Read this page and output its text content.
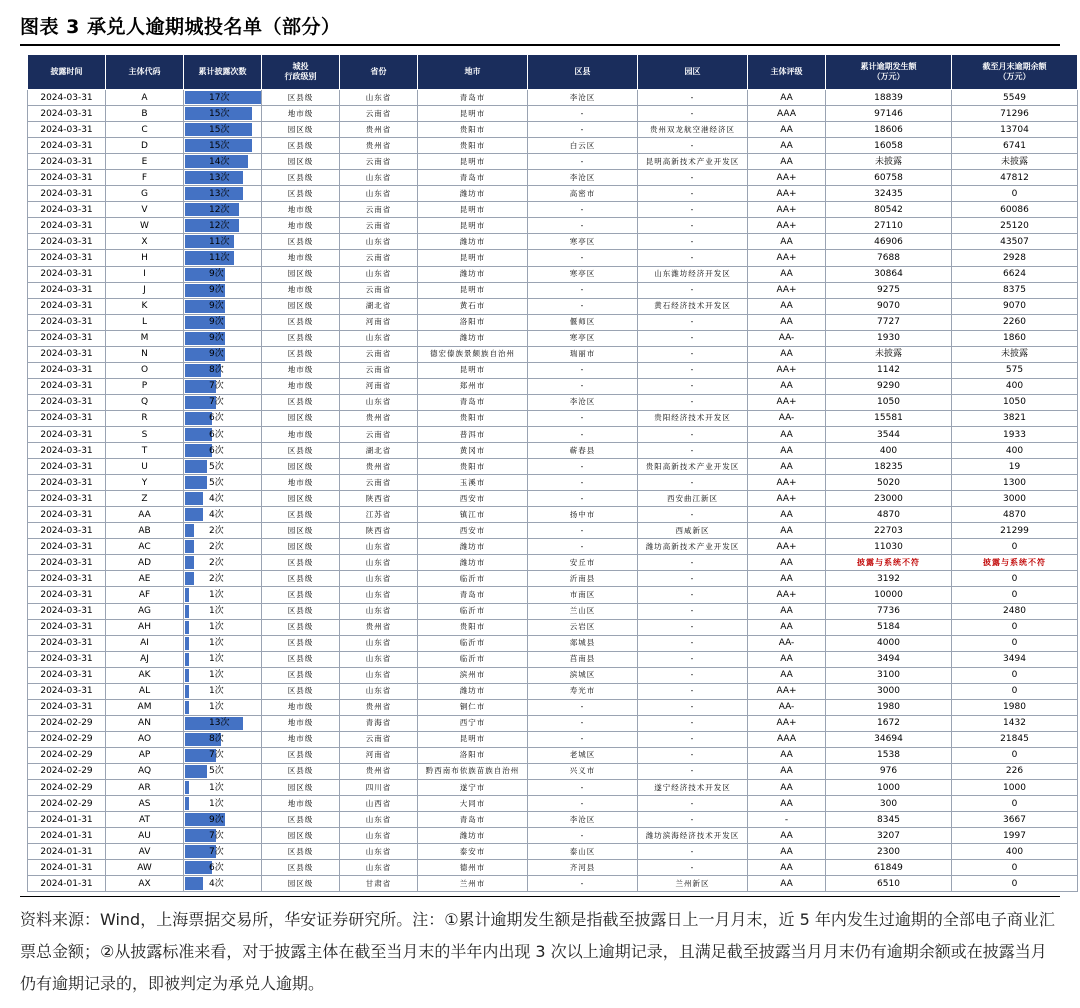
图表 3 承兑人逾期城投名单（部分）
披露时间	主体代码	累计披露次数	城投
行政级别	省份	地市	区县	园区	主体评级	累计逾期发生额
（万元）	截至月末逾期余额
（万元）
2024-03-31	A	17次	区县级	山东省	青岛市	李沧区	-	AA	18839	5549
2024-03-31	B	15次	地市级	云南省	昆明市	-	-	AAA	97146	71296
2024-03-31	C	15次	园区级	贵州省	贵阳市	-	贵州双龙航空港经济区	AA	18606	13704
2024-03-31	D	15次	区县级	贵州省	贵阳市	白云区	-	AA	16058	6741
2024-03-31	E	14次	园区级	云南省	昆明市	-	昆明高新技术产业开发区	AA	未披露	未披露
2024-03-31	F	13次	区县级	山东省	青岛市	李沧区	-	AA+	60758	47812
2024-03-31	G	13次	区县级	山东省	潍坊市	高密市	-	AA+	32435	0
2024-03-31	V	12次	地市级	云南省	昆明市	-	-	AA+	80542	60086
2024-03-31	W	12次	地市级	云南省	昆明市	-	-	AA+	27110	25120
2024-03-31	X	11次	区县级	山东省	潍坊市	寒亭区	-	AA	46906	43507
2024-03-31	H	11次	地市级	云南省	昆明市	-	-	AA+	7688	2928
2024-03-31	I	9次	园区级	山东省	潍坊市	寒亭区	山东潍坊经济开发区	AA	30864	6624
2024-03-31	J	9次	地市级	云南省	昆明市	-	-	AA+	9275	8375
2024-03-31	K	9次	园区级	湖北省	黄石市	-	黄石经济技术开发区	AA	9070	9070
2024-03-31	L	9次	区县级	河南省	洛阳市	偃师区	-	AA	7727	2260
2024-03-31	M	9次	区县级	山东省	潍坊市	寒亭区	-	AA-	1930	1860
2024-03-31	N	9次	区县级	云南省	德宏傣族景颇族自治州	瑞丽市	-	AA	未披露	未披露
2024-03-31	O	8次	地市级	云南省	昆明市	-	-	AA+	1142	575
2024-03-31	P	7次	地市级	河南省	郑州市	-	-	AA	9290	400
2024-03-31	Q	7次	区县级	山东省	青岛市	李沧区	-	AA+	1050	1050
2024-03-31	R	6次	园区级	贵州省	贵阳市	-	贵阳经济技术开发区	AA-	15581	3821
2024-03-31	S	6次	地市级	云南省	普洱市	-	-	AA	3544	1933
2024-03-31	T	6次	区县级	湖北省	黄冈市	蕲春县	-	AA	400	400
2024-03-31	U	5次	园区级	贵州省	贵阳市	-	贵阳高新技术产业开发区	AA	18235	19
2024-03-31	Y	5次	地市级	云南省	玉溪市	-	-	AA+	5020	1300
2024-03-31	Z	4次	园区级	陕西省	西安市	-	西安曲江新区	AA+	23000	3000
2024-03-31	AA	4次	区县级	江苏省	镇江市	扬中市	-	AA	4870	4870
2024-03-31	AB	2次	园区级	陕西省	西安市	-	西咸新区	AA	22703	21299
2024-03-31	AC	2次	园区级	山东省	潍坊市	-	潍坊高新技术产业开发区	AA+	11030	0
2024-03-31	AD	2次	区县级	山东省	潍坊市	安丘市	-	AA	披露与系统不符	披露与系统不符
2024-03-31	AE	2次	区县级	山东省	临沂市	沂南县	-	AA	3192	0
2024-03-31	AF	1次	区县级	山东省	青岛市	市南区	-	AA+	10000	0
2024-03-31	AG	1次	区县级	山东省	临沂市	兰山区	-	AA	7736	2480
2024-03-31	AH	1次	区县级	贵州省	贵阳市	云岩区	-	AA	5184	0
2024-03-31	AI	1次	区县级	山东省	临沂市	郯城县	-	AA-	4000	0
2024-03-31	AJ	1次	区县级	山东省	临沂市	莒南县	-	AA	3494	3494
2024-03-31	AK	1次	区县级	山东省	滨州市	滨城区	-	AA	3100	0
2024-03-31	AL	1次	区县级	山东省	潍坊市	寿光市	-	AA+	3000	0
2024-03-31	AM	1次	地市级	贵州省	铜仁市	-	-	AA-	1980	1980
2024-02-29	AN	13次	地市级	青海省	西宁市	-	-	AA+	1672	1432
2024-02-29	AO	8次	地市级	云南省	昆明市	-	-	AAA	34694	21845
2024-02-29	AP	7次	区县级	河南省	洛阳市	老城区	-	AA	1538	0
2024-02-29	AQ	5次	区县级	贵州省	黔西南布依族苗族自治州	兴义市	-	AA	976	226
2024-02-29	AR	1次	园区级	四川省	遂宁市	-	遂宁经济技术开发区	AA	1000	1000
2024-02-29	AS	1次	地市级	山西省	大同市	-	-	AA	300	0
2024-01-31	AT	9次	区县级	山东省	青岛市	李沧区	-	-	8345	3667
2024-01-31	AU	7次	园区级	山东省	潍坊市	-	潍坊滨海经济技术开发区	AA	3207	1997
2024-01-31	AV	7次	区县级	山东省	泰安市	泰山区	-	AA	2300	400
2024-01-31	AW	6次	区县级	山东省	德州市	齐河县	-	AA	61849	0
2024-01-31	AX	4次	园区级	甘肃省	兰州市	-	兰州新区	AA	6510	0
资料来源：Wind，上海票据交易所，华安证券研究所。注：①累计逾期发生额是指截至披露日上一月月末，近 5 年内发生过逾期的全部电子商业汇票总金额；②从披露标准来看，对于披露主体在截至当月末的半年内出现 3 次以上逾期记录，且满足截至披露当月月末仍有逾期余额或在披露当月仍有逾期记录的，即被判定为承兑人逾期。
